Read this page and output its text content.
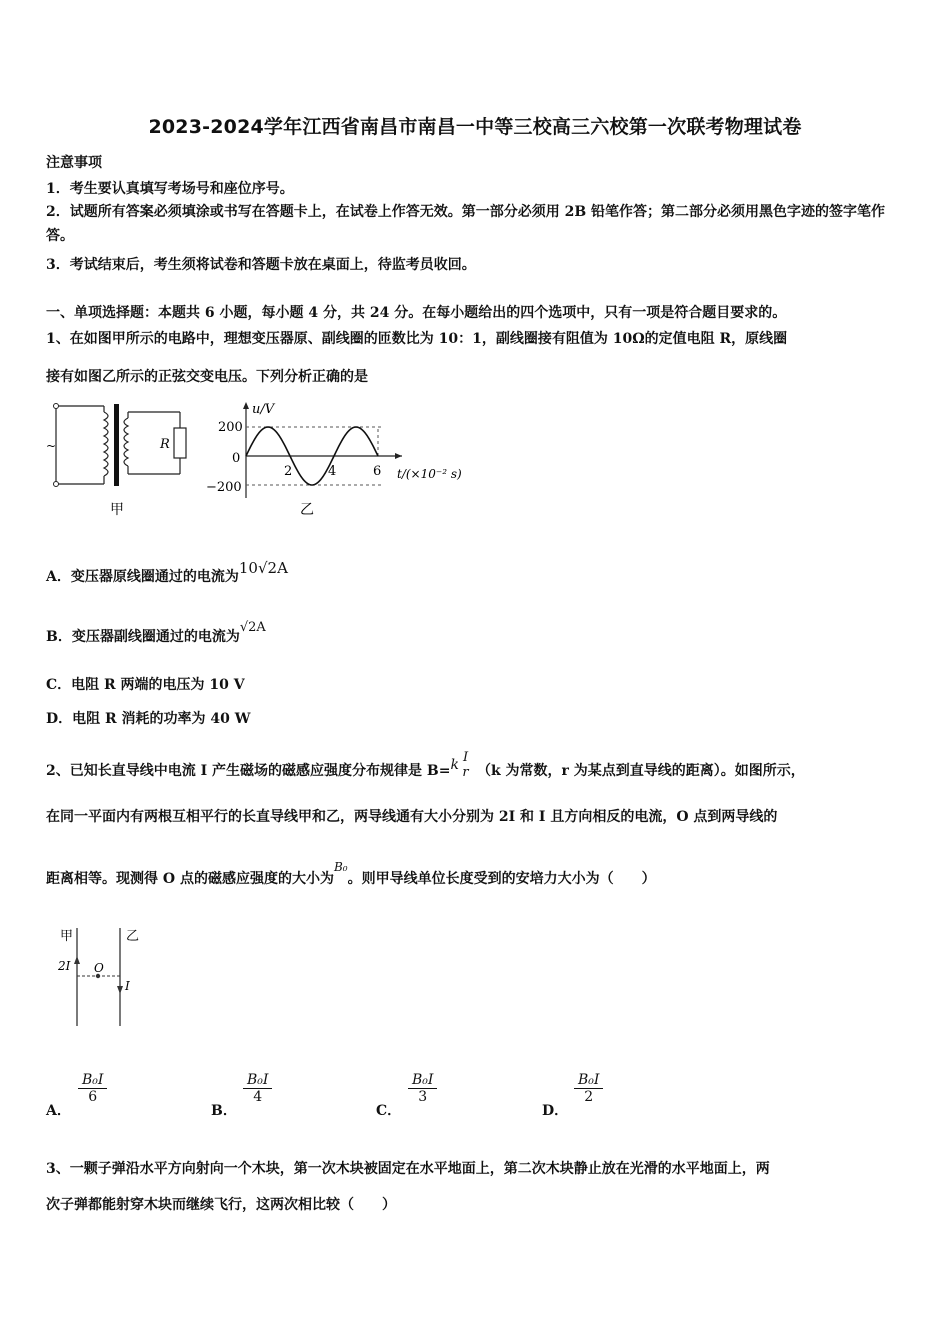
2023-2024学年江西省南昌市南昌一中等三校高三六校第一次联考物理试卷
注意事项
1．考生要认真填写考场号和座位序号。
2．试题所有答案必须填涂或书写在答题卡上，在试卷上作答无效。第一部分必须用 2B 铅笔作答；第二部分必须用黑色字迹的签字笔作答。
3．考试结束后，考生须将试卷和答题卡放在桌面上，待监考员收回。
一、单项选择题：本题共 6 小题，每小题 4 分，共 24 分。在每小题给出的四个选项中，只有一项是符合题目要求的。
1、在如图甲所示的电路中，理想变压器原、副线圈的匝数比为 10：1，副线圈接有阻值为 10Ω的定值电阻 R，原线圈
接有如图乙所示的正弦交变电压。下列分析正确的是
~	R
甲
u/V
t/(×10⁻² s)
200
0
−200
2	4	6
乙
A．变压器原线圈通过的电流为10√2A
B．变压器副线圈通过的电流为√2A
C．电阻 R 两端的电压为 10 V
D．电阻 R 消耗的功率为 40 W
2、已知长直导线中电流 I 产生磁场的磁感应强度分布规律是 B=k I
r （k 为常数，r 为某点到直导线的距离）。如图所示，
在同一平面内有两根互相平行的长直导线甲和乙，两导线通有大小分别为 2I 和 I 且方向相反的电流，O 点到两导线的
距离相等。现测得 O 点的磁感应强度的大小为B₀。则甲导线单位长度受到的安培力大小为（　　）
甲	乙
2I O
I
A．
$\frac{\text{B₀I}}{6}$
B．
$\frac{\text{B₀I}}{4}$
C．
$\frac{\text{B₀I}}{3}$
D．
$\frac{\text{B₀I}}{2}$
3、一颗子弹沿水平方向射向一个木块，第一次木块被固定在水平地面上，第二次木块静止放在光滑的水平地面上，两
次子弹都能射穿木块而继续飞行，这两次相比较（　　）
